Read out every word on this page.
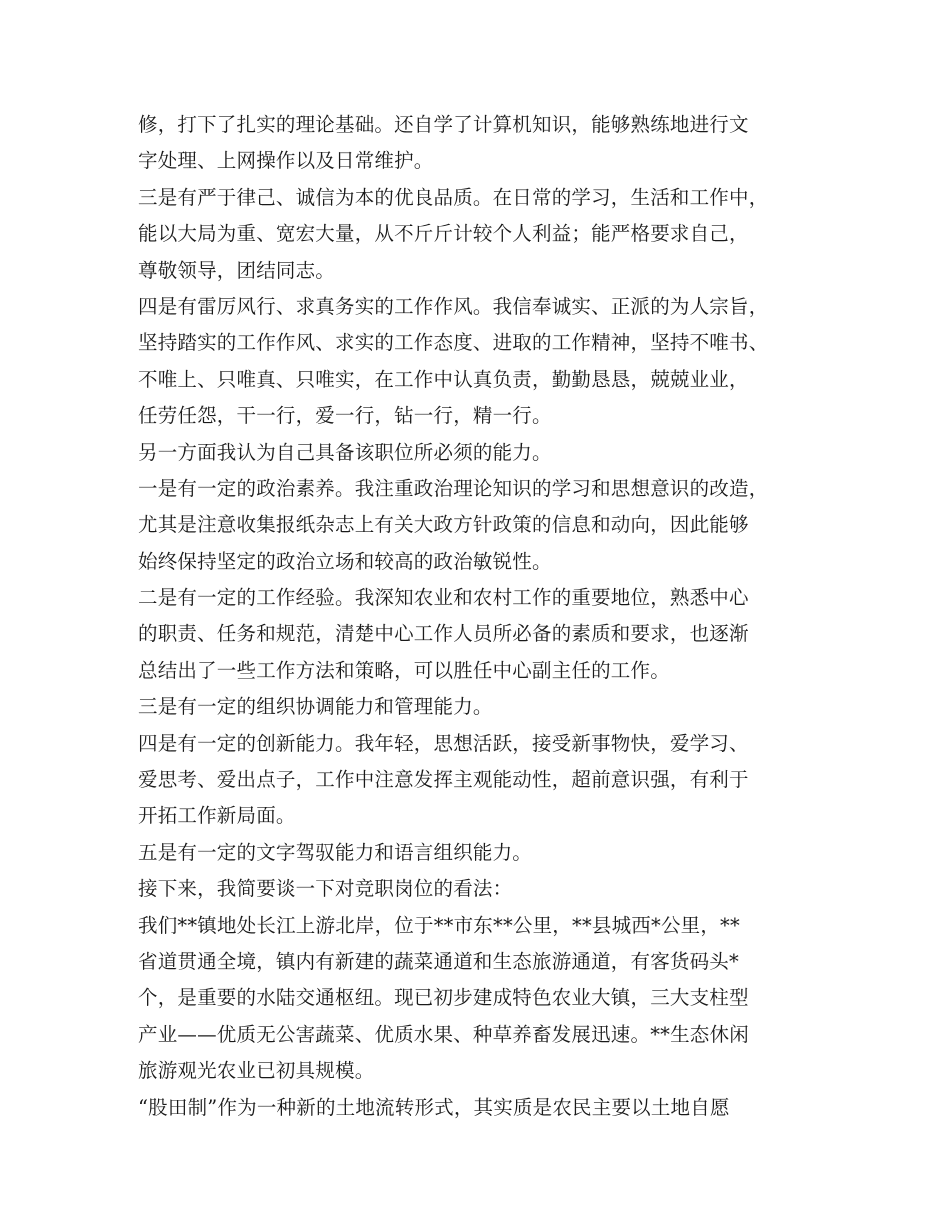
修，打下了扎实的理论基础。还自学了计算机知识，能够熟练地进行文
字处理、上网操作以及日常维护。
三是有严于律己、诚信为本的优良品质。在日常的学习，生活和工作中，
能以大局为重、宽宏大量，从不斤斤计较个人利益；能严格要求自己，
尊敬领导，团结同志。
四是有雷厉风行、求真务实的工作作风。我信奉诚实、正派的为人宗旨，
坚持踏实的工作作风、求实的工作态度、进取的工作精神，坚持不唯书、
不唯上、只唯真、只唯实，在工作中认真负责，勤勤恳恳，兢兢业业，
任劳任怨，干一行，爱一行，钻一行，精一行。
另一方面我认为自己具备该职位所必须的能力。
一是有一定的政治素养。我注重政治理论知识的学习和思想意识的改造，
尤其是注意收集报纸杂志上有关大政方针政策的信息和动向，因此能够
始终保持坚定的政治立场和较高的政治敏锐性。
二是有一定的工作经验。我深知农业和农村工作的重要地位，熟悉中心
的职责、任务和规范，清楚中心工作人员所必备的素质和要求，也逐渐
总结出了一些工作方法和策略，可以胜任中心副主任的工作。
三是有一定的组织协调能力和管理能力。
四是有一定的创新能力。我年轻，思想活跃，接受新事物快，爱学习、
爱思考、爱出点子，工作中注意发挥主观能动性，超前意识强，有利于
开拓工作新局面。
五是有一定的文字驾驭能力和语言组织能力。
接下来，我简要谈一下对竞职岗位的看法：
我们**镇地处长江上游北岸，位于**市东**公里，**县城西*公里，**
省道贯通全境，镇内有新建的蔬菜通道和生态旅游通道，有客货码头*
个，是重要的水陆交通枢纽。现已初步建成特色农业大镇，三大支柱型
产业——优质无公害蔬菜、优质水果、种草养畜发展迅速。**生态休闲
旅游观光农业已初具规模。
“股田制”作为一种新的土地流转形式，其实质是农民主要以土地自愿
